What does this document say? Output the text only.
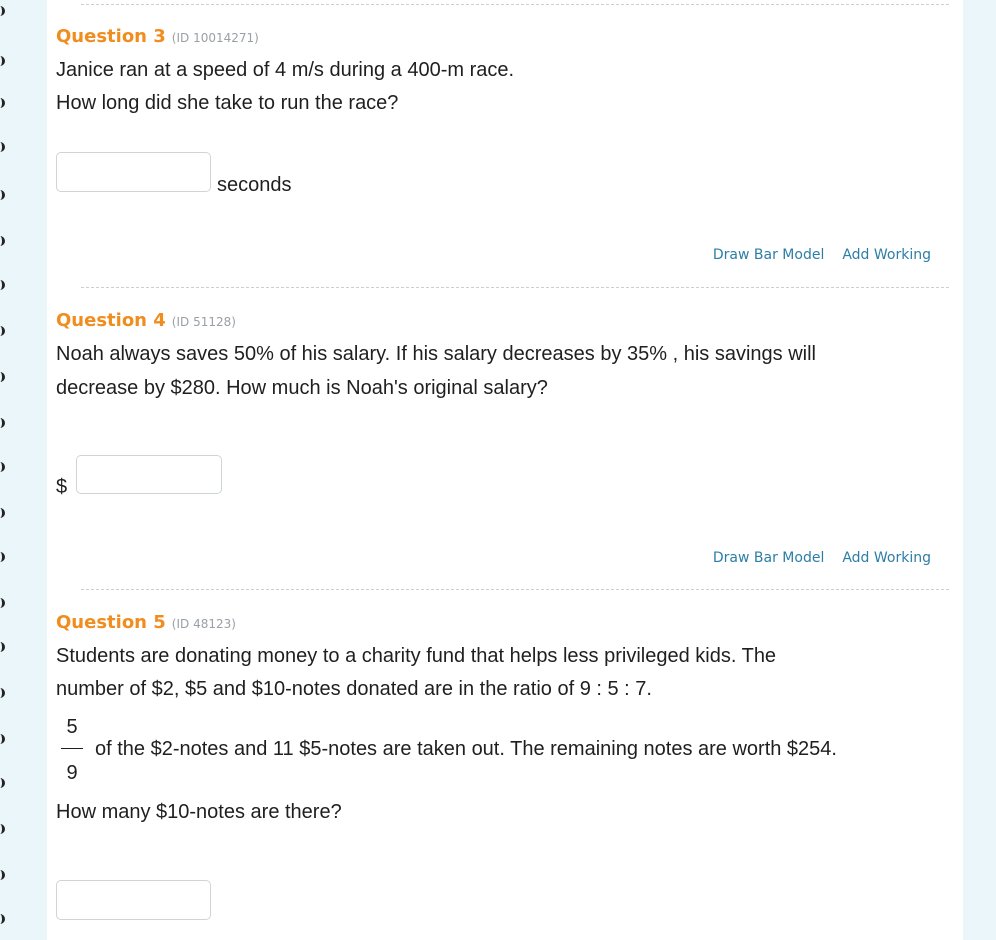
Question 3 (ID 10014271)
Janice ran at a speed of 4 m/s during a 400-m race.
How long did she take to run the race?
seconds
Draw Bar Model Add Working
Question 4 (ID 51128)
Noah always saves 50% of his salary. If his salary decreases by 35% , his savings will
decrease by $280. How much is Noah's original salary?
$
Draw Bar Model Add Working
Question 5 (ID 48123)
Students are donating money to a charity fund that helps less privileged kids. The
number of $2, $5 and $10-notes donated are in the ratio of 9 : 5 : 7.
5
9
of the $2-notes and 11 $5-notes are taken out. The remaining notes are worth $254.
How many $10-notes are there?
